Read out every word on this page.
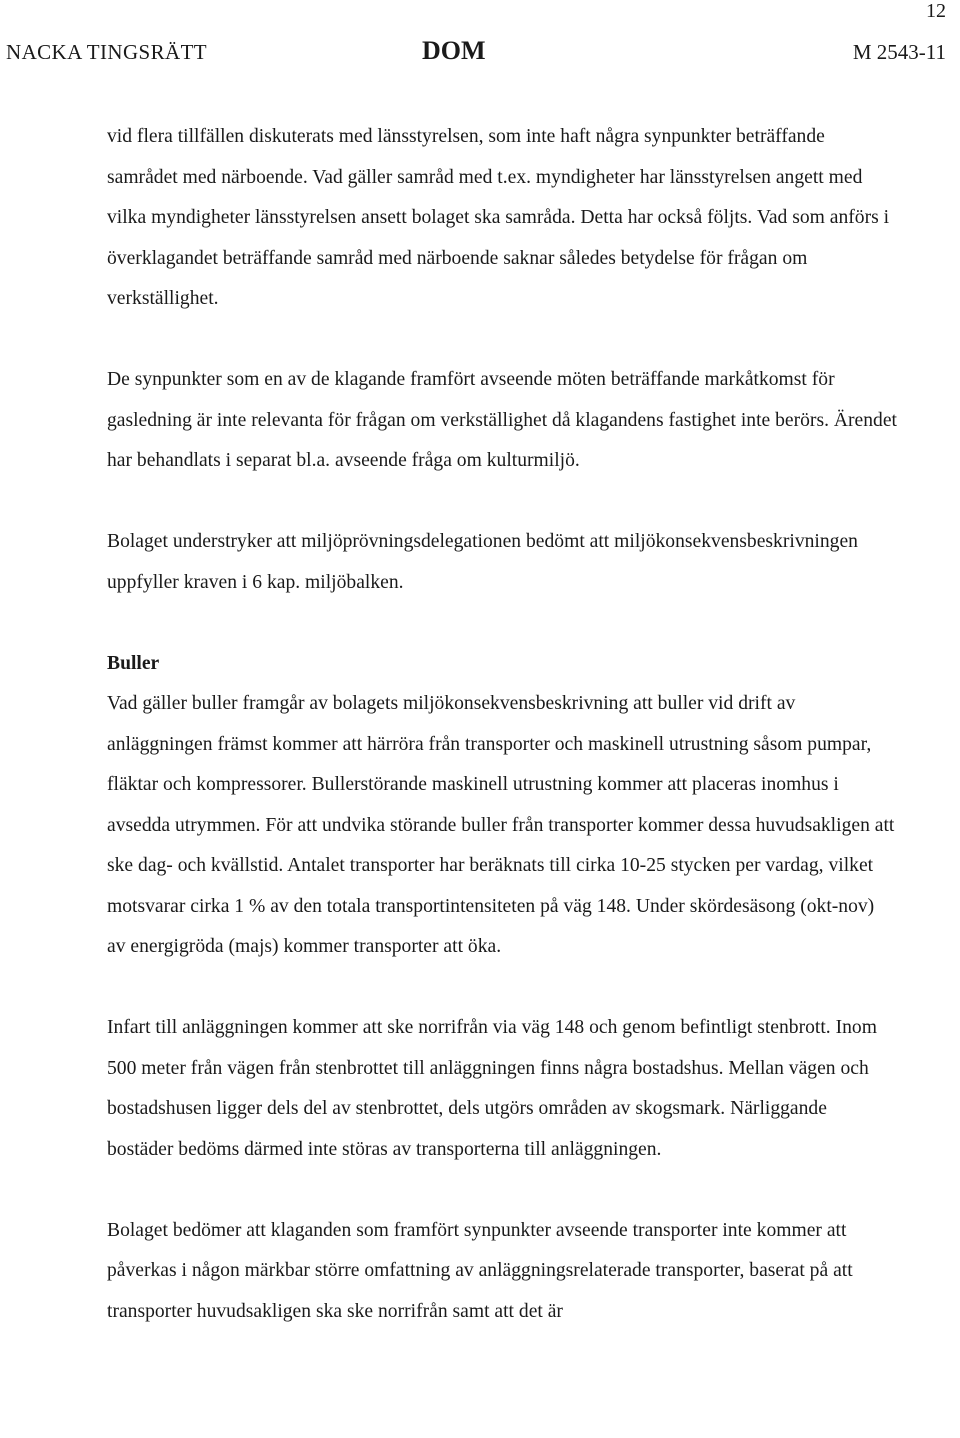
12
NACKA TINGSRÄTT	DOM	M 2543-11

vid flera tillfällen diskuterats med länsstyrelsen, som inte haft några synpunkter beträffande samrådet med närboende. Vad gäller samråd med t.ex. myndigheter har länsstyrelsen angett med vilka myndigheter länsstyrelsen ansett bolaget ska samråda. Detta har också följts. Vad som anförs i överklagandet beträffande samråd med närboende saknar således betydelse för frågan om verkställighet.

De synpunkter som en av de klagande framfört avseende möten beträffande markåtkomst för gasledning är inte relevanta för frågan om verkställighet då klagandens fastighet inte berörs. Ärendet har behandlats i separat bl.a. avseende fråga om kulturmiljö.

Bolaget understryker att miljöprövningsdelegationen bedömt att miljökonsekvensbeskrivningen uppfyller kraven i 6 kap. miljöbalken.

Buller

Vad gäller buller framgår av bolagets miljökonsekvensbeskrivning att buller vid drift av anläggningen främst kommer att härröra från transporter och maskinell utrustning såsom pumpar, fläktar och kompressorer. Bullerstörande maskinell utrustning kommer att placeras inomhus i avsedda utrymmen. För att undvika störande buller från transporter kommer dessa huvudsakligen att ske dag- och kvällstid. Antalet transporter har beräknats till cirka 10-25 stycken per vardag, vilket motsvarar cirka 1 % av den totala transportintensiteten på väg 148. Under skördesäsong (okt-nov) av energigröda (majs) kommer transporter att öka.

Infart till anläggningen kommer att ske norrifrån via väg 148 och genom befintligt stenbrott. Inom 500 meter från vägen från stenbrottet till anläggningen finns några bostadshus. Mellan vägen och bostadshusen ligger dels del av stenbrottet, dels utgörs områden av skogsmark. Närliggande bostäder bedöms därmed inte störas av transporterna till anläggningen.

Bolaget bedömer att klaganden som framfört synpunkter avseende transporter inte kommer att påverkas i någon märkbar större omfattning av anläggningsrelaterade transporter, baserat på att transporter huvudsakligen ska ske norrifrån samt att det är
